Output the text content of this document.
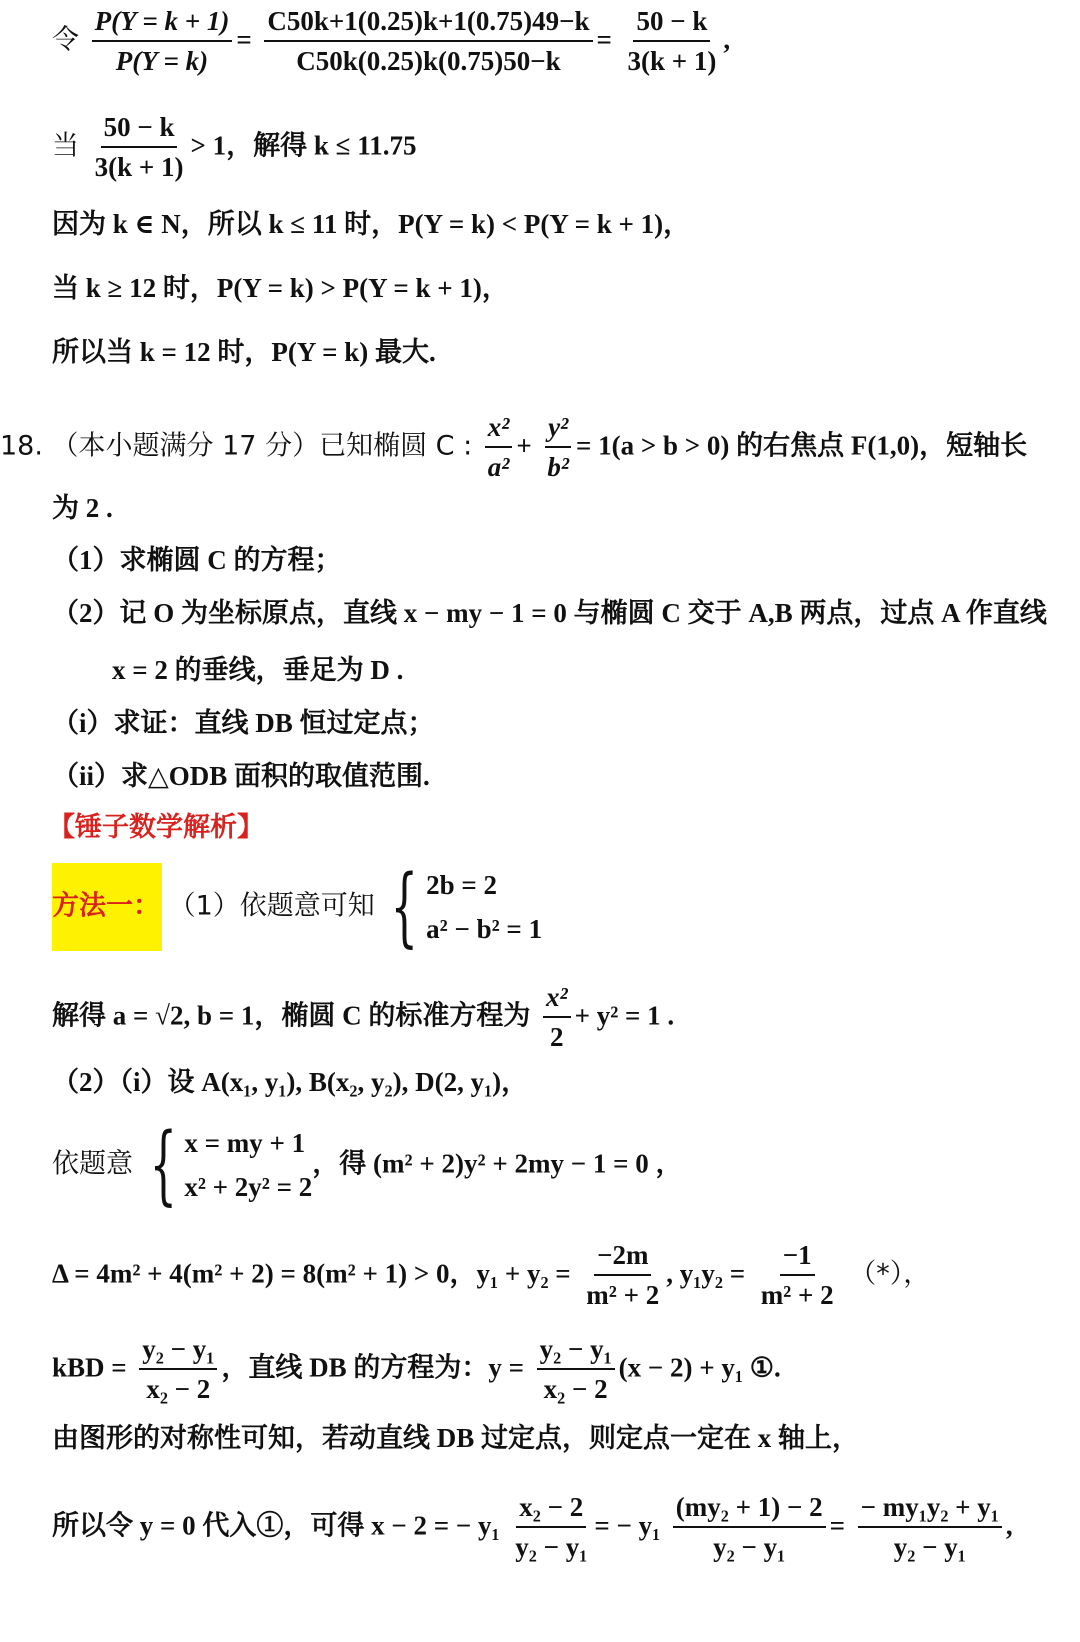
令 $\frac{P(Y = k + 1)}{P(Y = k)} = \frac{C50k+1(0.25)k+1(0.75)49-k}{C50k(0.25)k(0.75)50-k} = \frac{50 - k}{3(k + 1)}$ ,
当 $\frac{50 - k}{3(k + 1)} > 1$，解得 k ≤ 11.75
因为 k ∈ N，所以 k ≤ 11 时，P(Y = k) < P(Y = k + 1)，
当 k ≥ 12 时，P(Y = k) > P(Y = k + 1)，
所以当 k = 12 时，P(Y = k) 最大.
18. （本小题满分 17 分）已知椭圆 C : $\frac{\text{x²}}{\text{a²}} + \frac{\text{y²}}{\text{b²}} = 1(a > b > 0)$ 的右焦点 F(1,0)，短轴长
为 2 .
（1）求椭圆 C 的方程；
（2）记 O 为坐标原点，直线 x − my − 1 = 0 与椭圆 C 交于 A,B 两点，过点 A 作直线
x = 2 的垂线，垂足为 D .
（i）求证：直线 DB 恒过定点；
（ii）求△ODB 面积的取值范围.
【锤子数学解析】
方法一： （1）依题意可知 { 2b = 2
a² − b² = 1
解得 a = √2, b = 1，椭圆 C 的标准方程为 $\frac{\text{x²}}{2} + y^2 = 1$ .
（2）（i）设 A(x₁, y₁), B(x₂, y₂), D(2, y₁)，
依题意 { x = my + 1
x² + 2y² = 2
，得 (m² + 2)y² + 2my − 1 = 0 ，
Δ = 4m² + 4(m² + 2) = 8(m² + 1) > 0，$y_1 + y_2 = \frac{-2m}{\text{m² + 2}}$ , $y_1y_2 = \frac{-1}{\text{m² + 2}}$ （*），
kBD = $\frac{\text{y₂ − y₁}}{\text{x₂ − 2}}$ ，直线 DB 的方程为：$y = \frac{\text{y₂ − y₁}}{\text{x₂ − 2}} (x - 2) + y_1$ ①.
由图形的对称性可知，若动直线 DB 过定点，则定点一定在 x 轴上，
所以令 y = 0 代入①，可得 x − 2 = − $y_1 \frac{\text{x₂ − 2}}{\text{y₂ − y₁}}$ = − $y_1 \frac{\text{(my₂ + 1) − 2}}{\text{y₂ − y₁}} = \frac{\text{− my₁y₂ + y₁}}{\text{y₂ − y₁}}$ ,
